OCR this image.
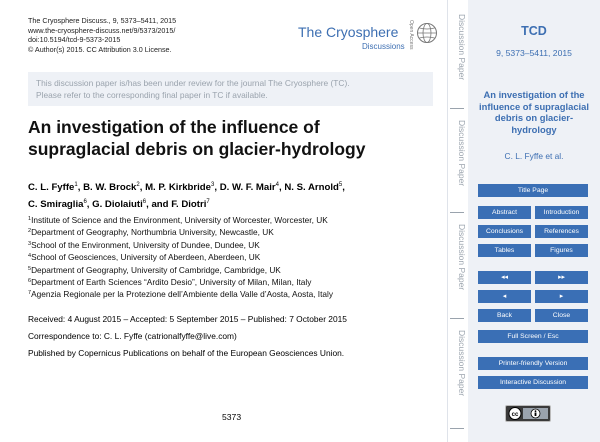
The Cryosphere Discuss., 9, 5373–5411, 2015
www.the-cryosphere-discuss.net/9/5373/2015/
doi:10.5194/tcd-9-5373-2015
© Author(s) 2015. CC Attribution 3.0 License.
The Cryosphere
Discussions Open Access
This discussion paper is/has been under review for the journal The Cryosphere (TC).
Please refer to the corresponding final paper in TC if available.
An investigation of the influence of
supraglacial debris on glacier-hydrology
C. L. Fyffe$^1$, B. W. Brock$^2$, M. P. Kirkbride$^3$, D. W. F. Mair$^4$, N. S. Arnold$^5$,
C. Smiraglia$^6$, G. Diolaiuti$^6$, and F. Diotri$^7$
$^1$Institute of Science and the Environment, University of Worcester, Worcester, UK
$^2$Department of Geography, Northumbria University, Newcastle, UK
$^3$School of the Environment, University of Dundee, Dundee, UK
$^4$School of Geosciences, University of Aberdeen, Aberdeen, UK
$^5$Department of Geography, University of Cambridge, Cambridge, UK
$^6$Department of Earth Sciences “Ardito Desio”, University of Milan, Milan, Italy
$^7$Agenzia Regionale per la Protezione dell’Ambiente della Valle d’Aosta, Aosta, Italy
Received: 4 August 2015 – Accepted: 5 September 2015 – Published: 7 October 2015
Correspondence to: C. L. Fyffe (catrionalfyffe@live.com)
Published by Copernicus Publications on behalf of the European Geosciences Union.
5373
Discussion Paper
Discussion Paper
Discussion Paper
Discussion Paper
TCD
9, 5373–5411, 2015
An investigation of the influence of supraglacial debris on glacier-hydrology
C. L. Fyffe et al.
Title Page
Abstract	Introduction
Conclusions	References
Tables	Figures
◂◂	▸▸
◂	▸
Back	Close
Full Screen / Esc
Printer-friendly Version
Interactive Discussion
cc
